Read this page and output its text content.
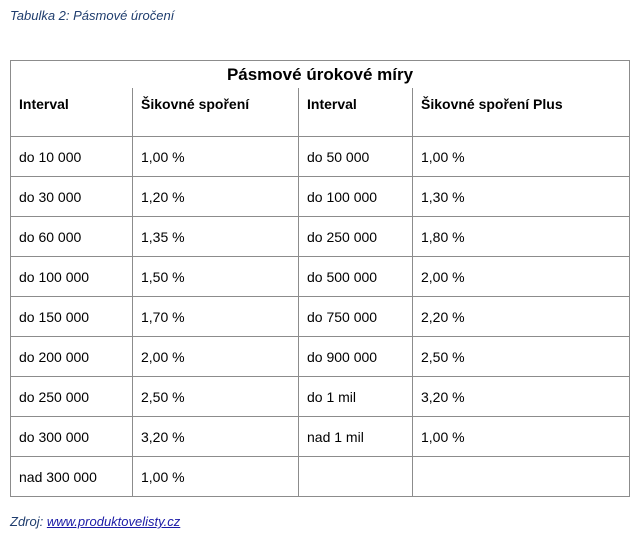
Tabulka 2: Pásmové úročení
Pásmové úrokové míry			
Interval	Šikovné spoření	Interval	Šikovné spoření Plus
do 10 000	1,00 %	do 50 000	1,00 %
do 30 000	1,20 %	do 100 000	1,30 %
do 60 000	1,35 %	do 250 000	1,80 %
do 100 000	1,50 %	do 500 000	2,00 %
do 150 000	1,70 %	do 750 000	2,20 %
do 200 000	2,00 %	do 900 000	2,50 %
do 250 000	2,50 %	do 1 mil	3,20 %
do 300 000	3,20 %	nad 1 mil	1,00 %
nad 300 000	1,00 %		
Zdroj: www.produktovelisty.cz
